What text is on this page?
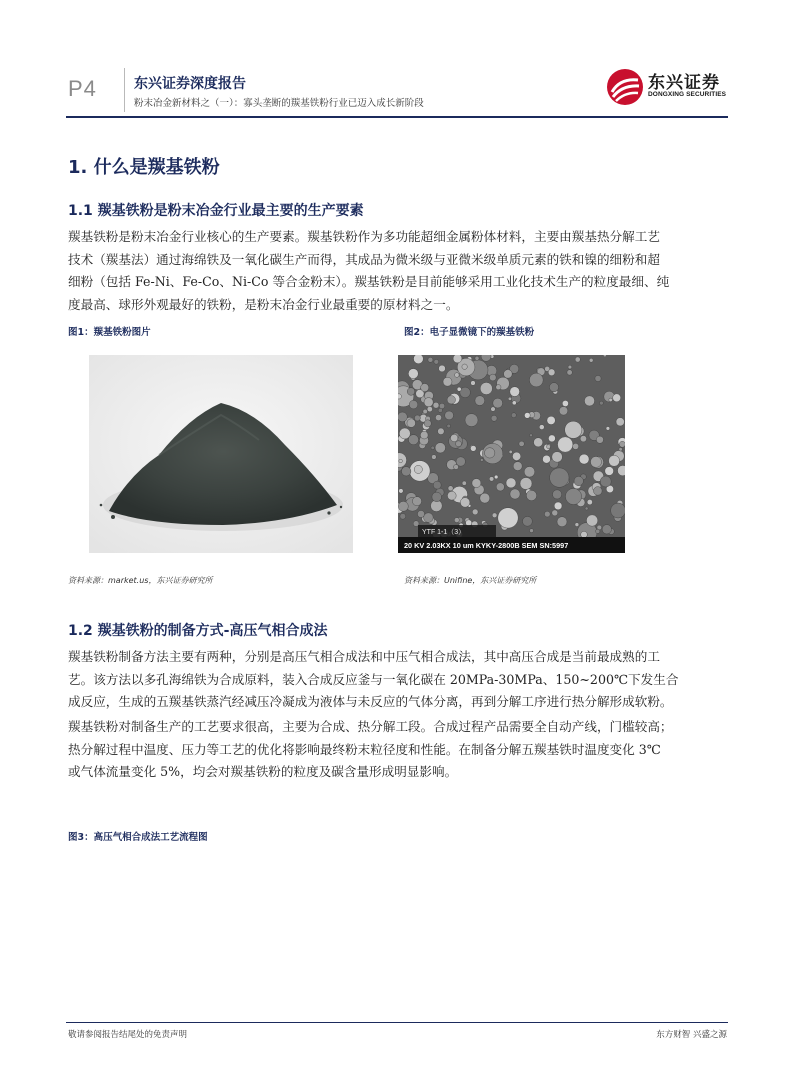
P4	东兴证券深度报告
粉末冶金新材料之（一）：寡头垄断的羰基铁粉行业已迈入成长新阶段
东兴证券
DONGXING SECURITIES
1. 什么是羰基铁粉
1.1 羰基铁粉是粉末冶金行业最主要的生产要素
羰基铁粉是粉末冶金行业核心的生产要素。羰基铁粉作为多功能超细金属粉体材料，主要由羰基热分解工艺
技术（羰基法）通过海绵铁及一氧化碳生产而得，其成品为微米级与亚微米级单质元素的铁和镍的细粉和超
细粉（包括 Fe-Ni、Fe-Co、Ni-Co 等合金粉末）。羰基铁粉是目前能够采用工业化技术生产的粒度最细、纯
度最高、球形外观最好的铁粉，是粉末冶金行业最重要的原材料之一。
图1：羰基铁粉图片	图2：电子显微镜下的羰基铁粉
YTF 1-1（3）
20 KV 2.03KX 10 um KYKY-2800B SEM SN:5997
资料来源：market.us，东兴证券研究所	资料来源：Unifine，东兴证券研究所
1.2 羰基铁粉的制备方式-高压气相合成法
羰基铁粉制备方法主要有两种，分别是高压气相合成法和中压气相合成法，其中高压合成是当前最成熟的工
艺。该方法以多孔海绵铁为合成原料，装入合成反应釜与一氧化碳在 20MPa-30MPa、150~200℃下发生合
成反应，生成的五羰基铁蒸汽经减压冷凝成为液体与未反应的气体分离，再到分解工序进行热分解形成软粉。
羰基铁粉对制备生产的工艺要求很高，主要为合成、热分解工段。合成过程产品需要全自动产线，门槛较高；
热分解过程中温度、压力等工艺的优化将影响最终粉末粒径度和性能。在制备分解五羰基铁时温度变化 3℃
或气体流量变化 5%，均会对羰基铁粉的粒度及碳含量形成明显影响。
图3：高压气相合成法工艺流程图
敬请参阅报告结尾处的免责声明	东方财智 兴盛之源
